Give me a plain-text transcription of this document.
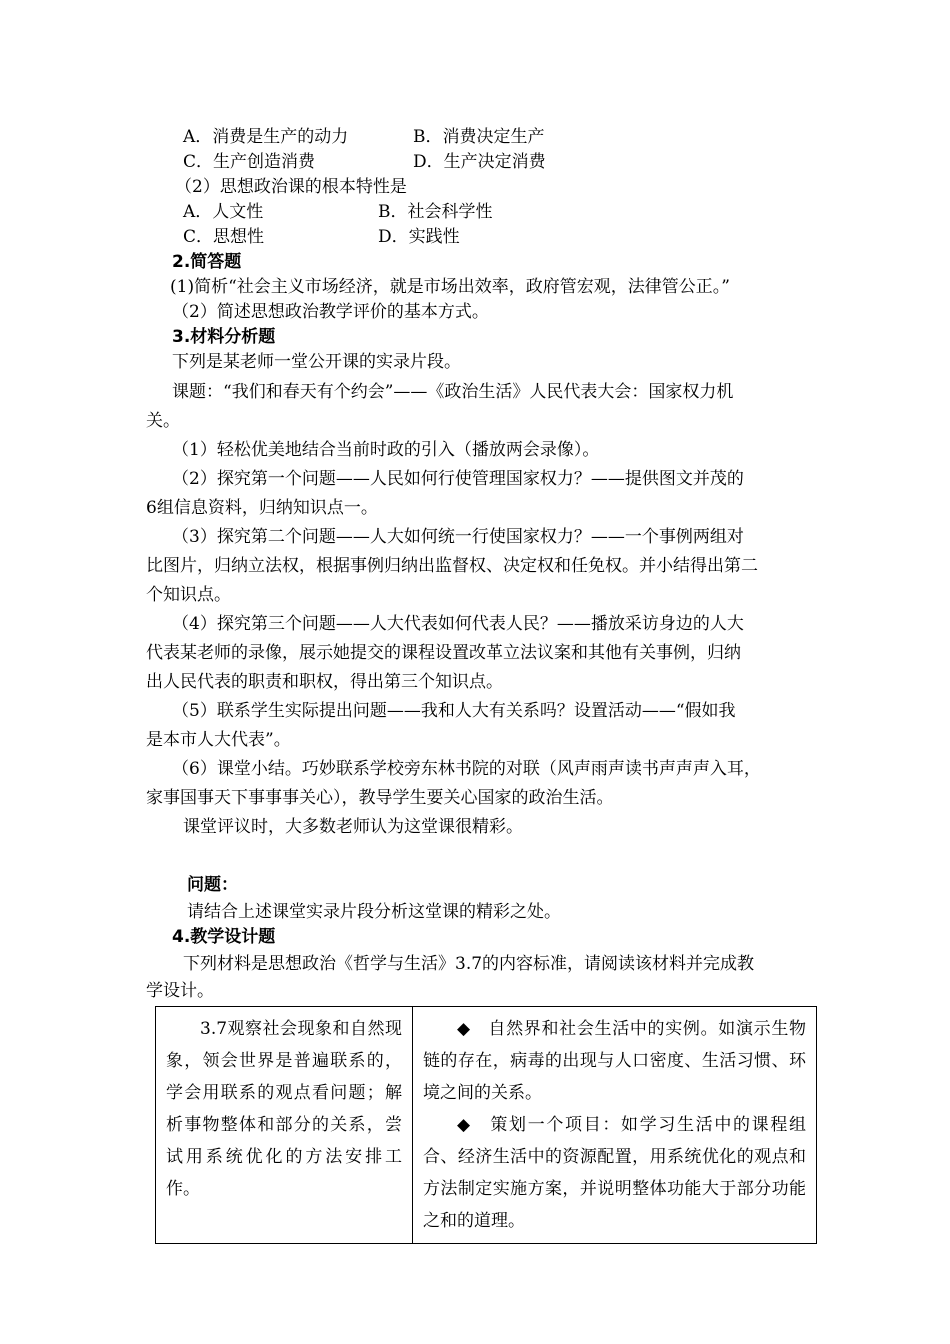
A．消费是生产的动力	B．消费决定生产
C．生产创造消费	D．生产决定消费
（2）思想政治课的根本特性是
A．人文性	B．社会科学性
C．思想性	D．实践性
2.简答题
(1)简析“社会主义市场经济，就是市场出效率，政府管宏观，法律管公正。”
（2）简述思想政治教学评价的基本方式。
3.材料分析题
下列是某老师一堂公开课的实录片段。
课题：“我们和春天有个约会”——《政治生活》人民代表大会：国家权力机
关。
（1）轻松优美地结合当前时政的引入（播放两会录像）。
（2）探究第一个问题——人民如何行使管理国家权力？——提供图文并茂的
6组信息资料，归纳知识点一。
（3）探究第二个问题——人大如何统一行使国家权力？——一个事例两组对
比图片，归纳立法权，根据事例归纳出监督权、决定权和任免权。并小结得出第二
个知识点。
（4）探究第三个问题——人大代表如何代表人民？——播放采访身边的人大
代表某老师的录像，展示她提交的课程设置改革立法议案和其他有关事例，归纳
出人民代表的职责和职权，得出第三个知识点。
（5）联系学生实际提出问题——我和人大有关系吗？设置活动——“假如我
是本市人大代表”。
（6）课堂小结。巧妙联系学校旁东林书院的对联（风声雨声读书声声声入耳，
家事国事天下事事事关心），教导学生要关心国家的政治生活。
课堂评议时，大多数老师认为这堂课很精彩。
问题：
请结合上述课堂实录片段分析这堂课的精彩之处。
4.教学设计题
下列材料是思想政治《哲学与生活》3.7的内容标准，请阅读该材料并完成教
学设计。
3.7观察社会现象和自然现象，领会世界是普遍联系的，学会用联系的观点看问题；解析事物整体和部分的关系，尝试用系统优化的方法安排工作。

◆　自然界和社会生活中的实例。如演示生物链的存在，病毒的出现与人口密度、生活习惯、环境之间的关系。
◆　策划一个项目：如学习生活中的课程组合、经济生活中的资源配置，用系统优化的观点和方法制定实施方案，并说明整体功能大于部分功能之和的道理。
